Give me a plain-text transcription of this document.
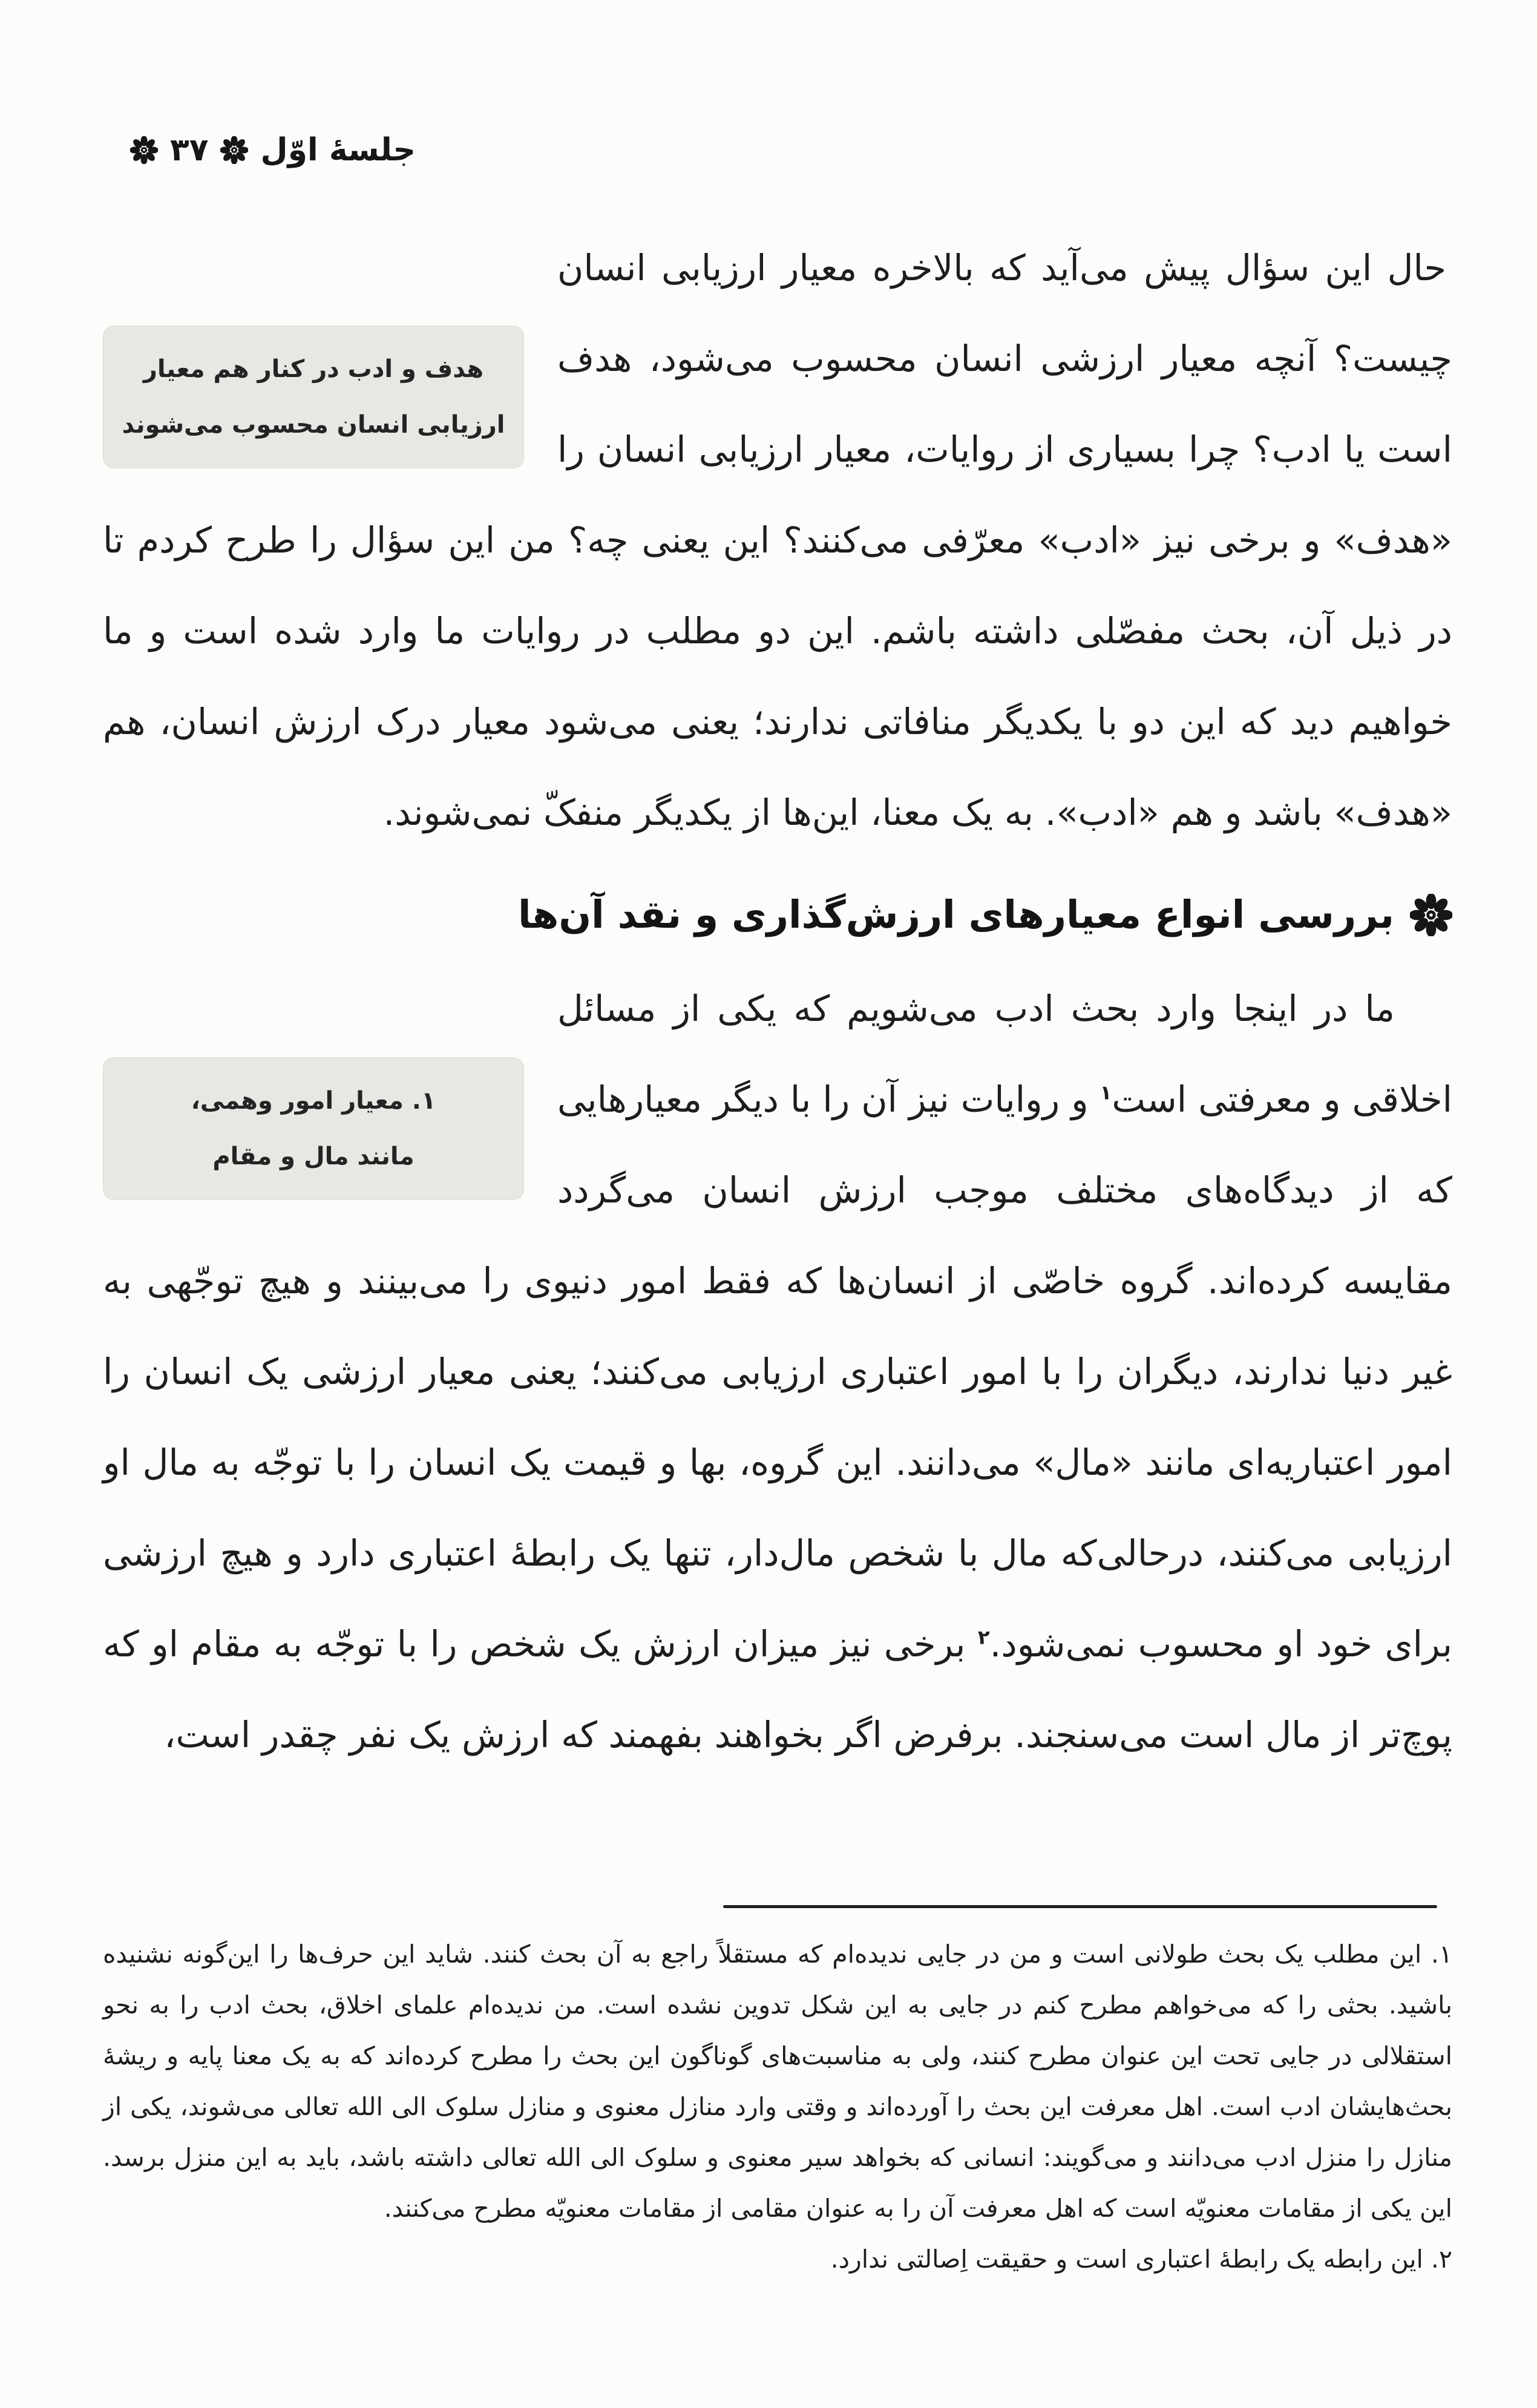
جلسهٔ اوّل
۳۷

هدف و ادب در کنار هم معیار
ارزیابی انسان محسوب می‌شوند
حال این سؤال پیش می‌آید که بالاخره معیار ارزیابی انسان چیست؟ آنچه معیار ارزشی انسان محسوب می‌شود، هدف است یا ادب؟ چرا بسیاری از روایات، معیار ارزیابی انسان را «هدف» و برخی نیز «ادب» معرّفی می‌کنند؟ این یعنی چه؟ من این سؤال را طرح کردم تا در ذیل آن، بحث مفصّلی داشته باشم. این دو مطلب در روایات ما وارد شده است و ما خواهیم دید که این دو با یکدیگر منافاتی ندارند؛ یعنی می‌شود معیار درک ارزش انسان، هم «هدف» باشد و هم «ادب». به یک معنا، این‌ها از یکدیگر منفکّ نمی‌شوند.

بررسی انواع معیارهای ارزش‌گذاری و نقد آن‌ها

۱. معیار امور وهمی،
مانند مال و مقام
ما در اینجا وارد بحث ادب می‌شویم که یکی از مسائل اخلاقی و معرفتی است$^۱$ و روایات نیز آن را با دیگر معیارهایی که از دیدگاه‌های مختلف موجب ارزش انسان می‌گردد مقایسه کرده‌اند. گروه خاصّی از انسان‌ها که فقط امور دنیوی را می‌بینند و هیچ توجّهی به غیر دنیا ندارند، دیگران را با امور اعتباری ارزیابی می‌کنند؛ یعنی معیار ارزشی یک انسان را امور اعتباریه‌ای مانند «مال» می‌دانند. این گروه، بها و قیمت یک انسان را با توجّه به مال او ارزیابی می‌کنند، درحالی‌که مال با شخص مال‌دار، تنها یک رابطهٔ اعتباری دارد و هیچ ارزشی برای خود او محسوب نمی‌شود.$^۲$ برخی نیز میزان ارزش یک شخص را با توجّه به مقام او که پوچ‌تر از مال است می‌سنجند. برفرض اگر بخواهند بفهمند که ارزش یک نفر چقدر است،

۱. این مطلب یک بحث طولانی است و من در جایی ندیده‌ام که مستقلاً راجع به آن بحث کنند. شاید این حرف‌ها را این‌گونه نشنیده باشید. بحثی را که می‌خواهم مطرح کنم در جایی به این شکل تدوین نشده است. من ندیده‌ام علمای اخلاق، بحث ادب را به نحو استقلالی در جایی تحت این عنوان مطرح کنند، ولی به مناسبت‌های گوناگون این بحث را مطرح کرده‌اند که به یک معنا پایه و ریشهٔ بحث‌هایشان ادب است. اهل معرفت این بحث را آورده‌اند و وقتی وارد منازل معنوی و منازل سلوک الی الله تعالی می‌شوند، یکی از منازل را منزل ادب می‌دانند و می‌گویند: انسانی که بخواهد سیر معنوی و سلوک الی الله تعالی داشته باشد، باید به این منزل برسد. این یکی از مقامات معنویّه است که اهل معرفت آن را به عنوان مقامی از مقامات معنویّه مطرح می‌کنند.

۲. این رابطه یک رابطهٔ اعتباری است و حقیقت اِصالتی ندارد.
